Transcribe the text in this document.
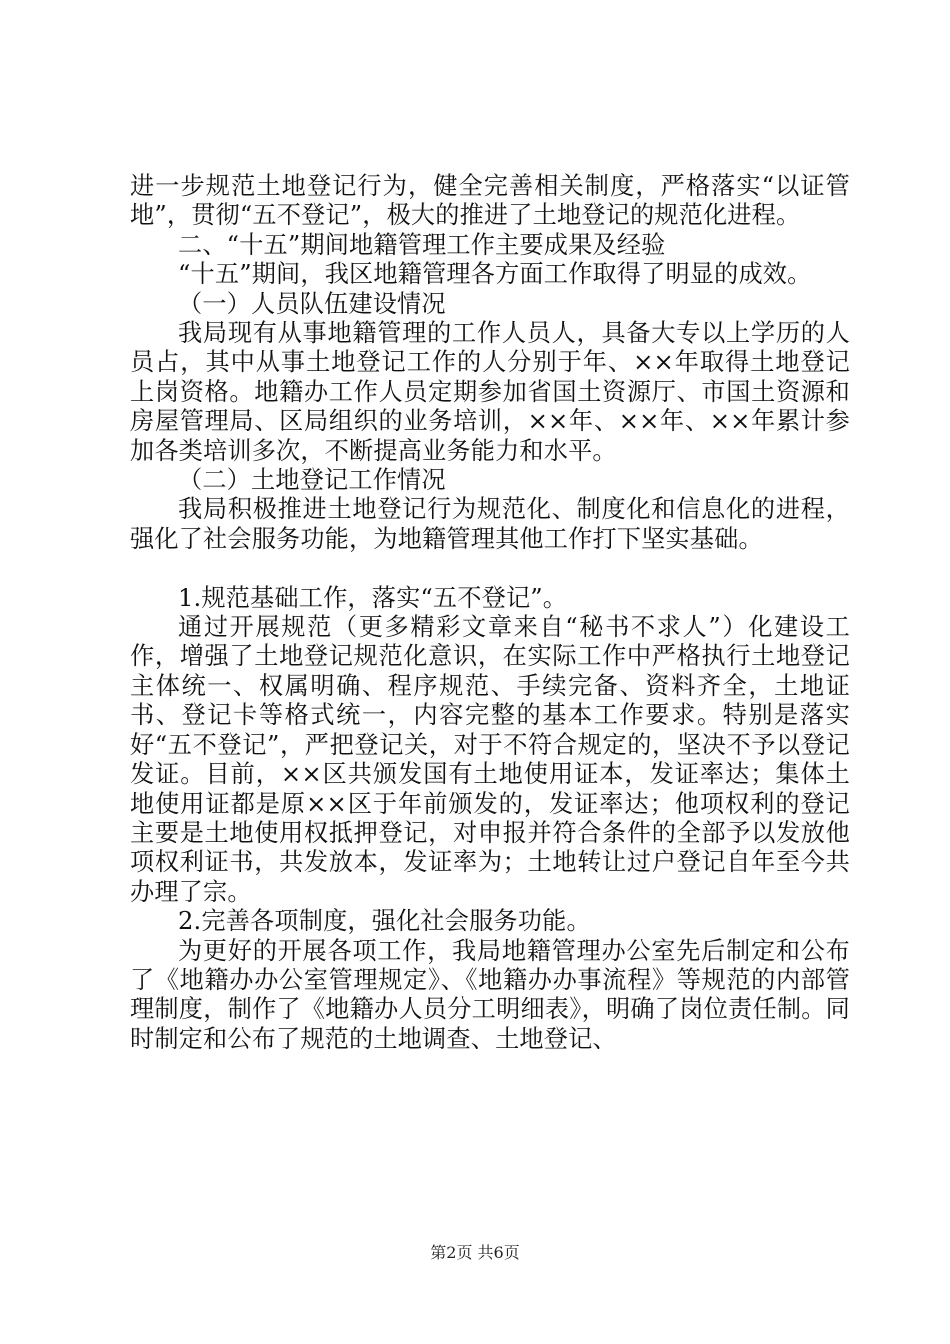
进一步规范土地登记行为，健全完善相关制度，严格落实“以证管地”，贯彻“五不登记”，极大的推进了土地登记的规范化进程。

二、“十五”期间地籍管理工作主要成果及经验

“十五”期间，我区地籍管理各方面工作取得了明显的成效。

（一）人员队伍建设情况

我局现有从事地籍管理的工作人员人，具备大专以上学历的人员占，其中从事土地登记工作的人分别于年、××年取得土地登记上岗资格。地籍办工作人员定期参加省国土资源厅、市国土资源和房屋管理局、区局组织的业务培训，××年、××年、××年累计参加各类培训多次，不断提高业务能力和水平。

（二）土地登记工作情况

我局积极推进土地登记行为规范化、制度化和信息化的进程，强化了社会服务功能，为地籍管理其他工作打下坚实基础。

1.规范基础工作，落实“五不登记”。

通过开展规范（更多精彩文章来自“秘书不求人”）化建设工作，增强了土地登记规范化意识，在实际工作中严格执行土地登记主体统一、权属明确、程序规范、手续完备、资料齐全，土地证书、登记卡等格式统一，内容完整的基本工作要求。特别是落实好“五不登记”，严把登记关，对于不符合规定的，坚决不予以登记发证。目前，××区共颁发国有土地使用证本，发证率达；集体土地使用证都是原××区于年前颁发的，发证率达；他项权利的登记主要是土地使用权抵押登记，对申报并符合条件的全部予以发放他项权利证书，共发放本，发证率为；土地转让过户登记自年至今共办理了宗。

2.完善各项制度，强化社会服务功能。

为更好的开展各项工作，我局地籍管理办公室先后制定和公布了《地籍办办公室管理规定》、《地籍办办事流程》等规范的内部管理制度，制作了《地籍办人员分工明细表》，明确了岗位责任制。同时制定和公布了规范的土地调查、土地登记、

第2页 共6页
